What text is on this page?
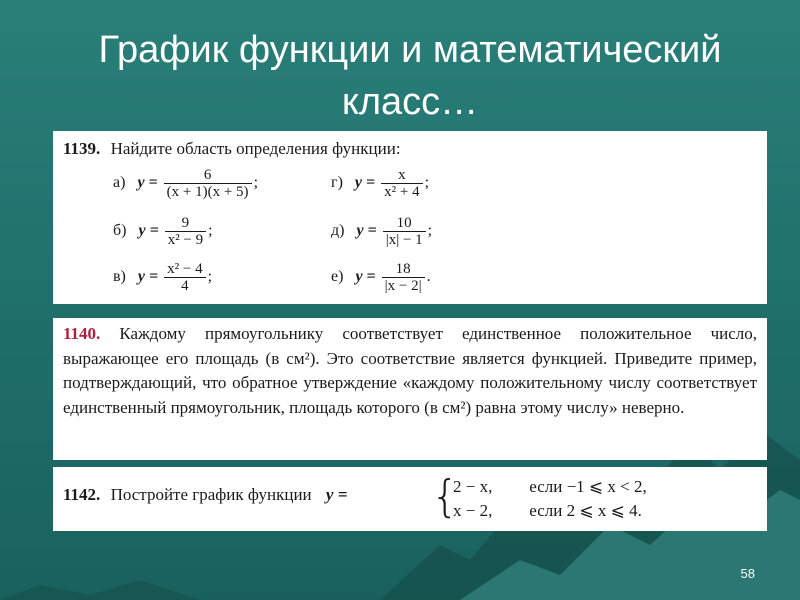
График функции и математический класс…
1139. Найдите область определения функции:
а) $y = \frac{6}{(x + 1)(x + 5)}$ ;	г) $y = \frac{x}{\text{x² + 4}}$ ;
б) $y = \frac{9}{\text{x² − 9}}$ ;	д) $y = \frac{10}{|x| - 1}$ ;
в) $y = \frac{\text{x² − 4}}{4}$ ;	е) $y = \frac{18}{|x - 2|}$ .
1140. Каждому прямоугольнику соответствует единственное положительное число, выражающее его площадь (в см²). Это соответствие является функцией. Приведите пример, подтверждающий, что обратное утверждение «каждому положительному числу соответствует единственный прямоугольник, площадь которого (в см²) равна этому числу» неверно.
1142. Постройте график функции y = {
2 − x, если −1 ⩽ x < 2,
x − 2, если 2 ⩽ x ⩽ 4.
58
